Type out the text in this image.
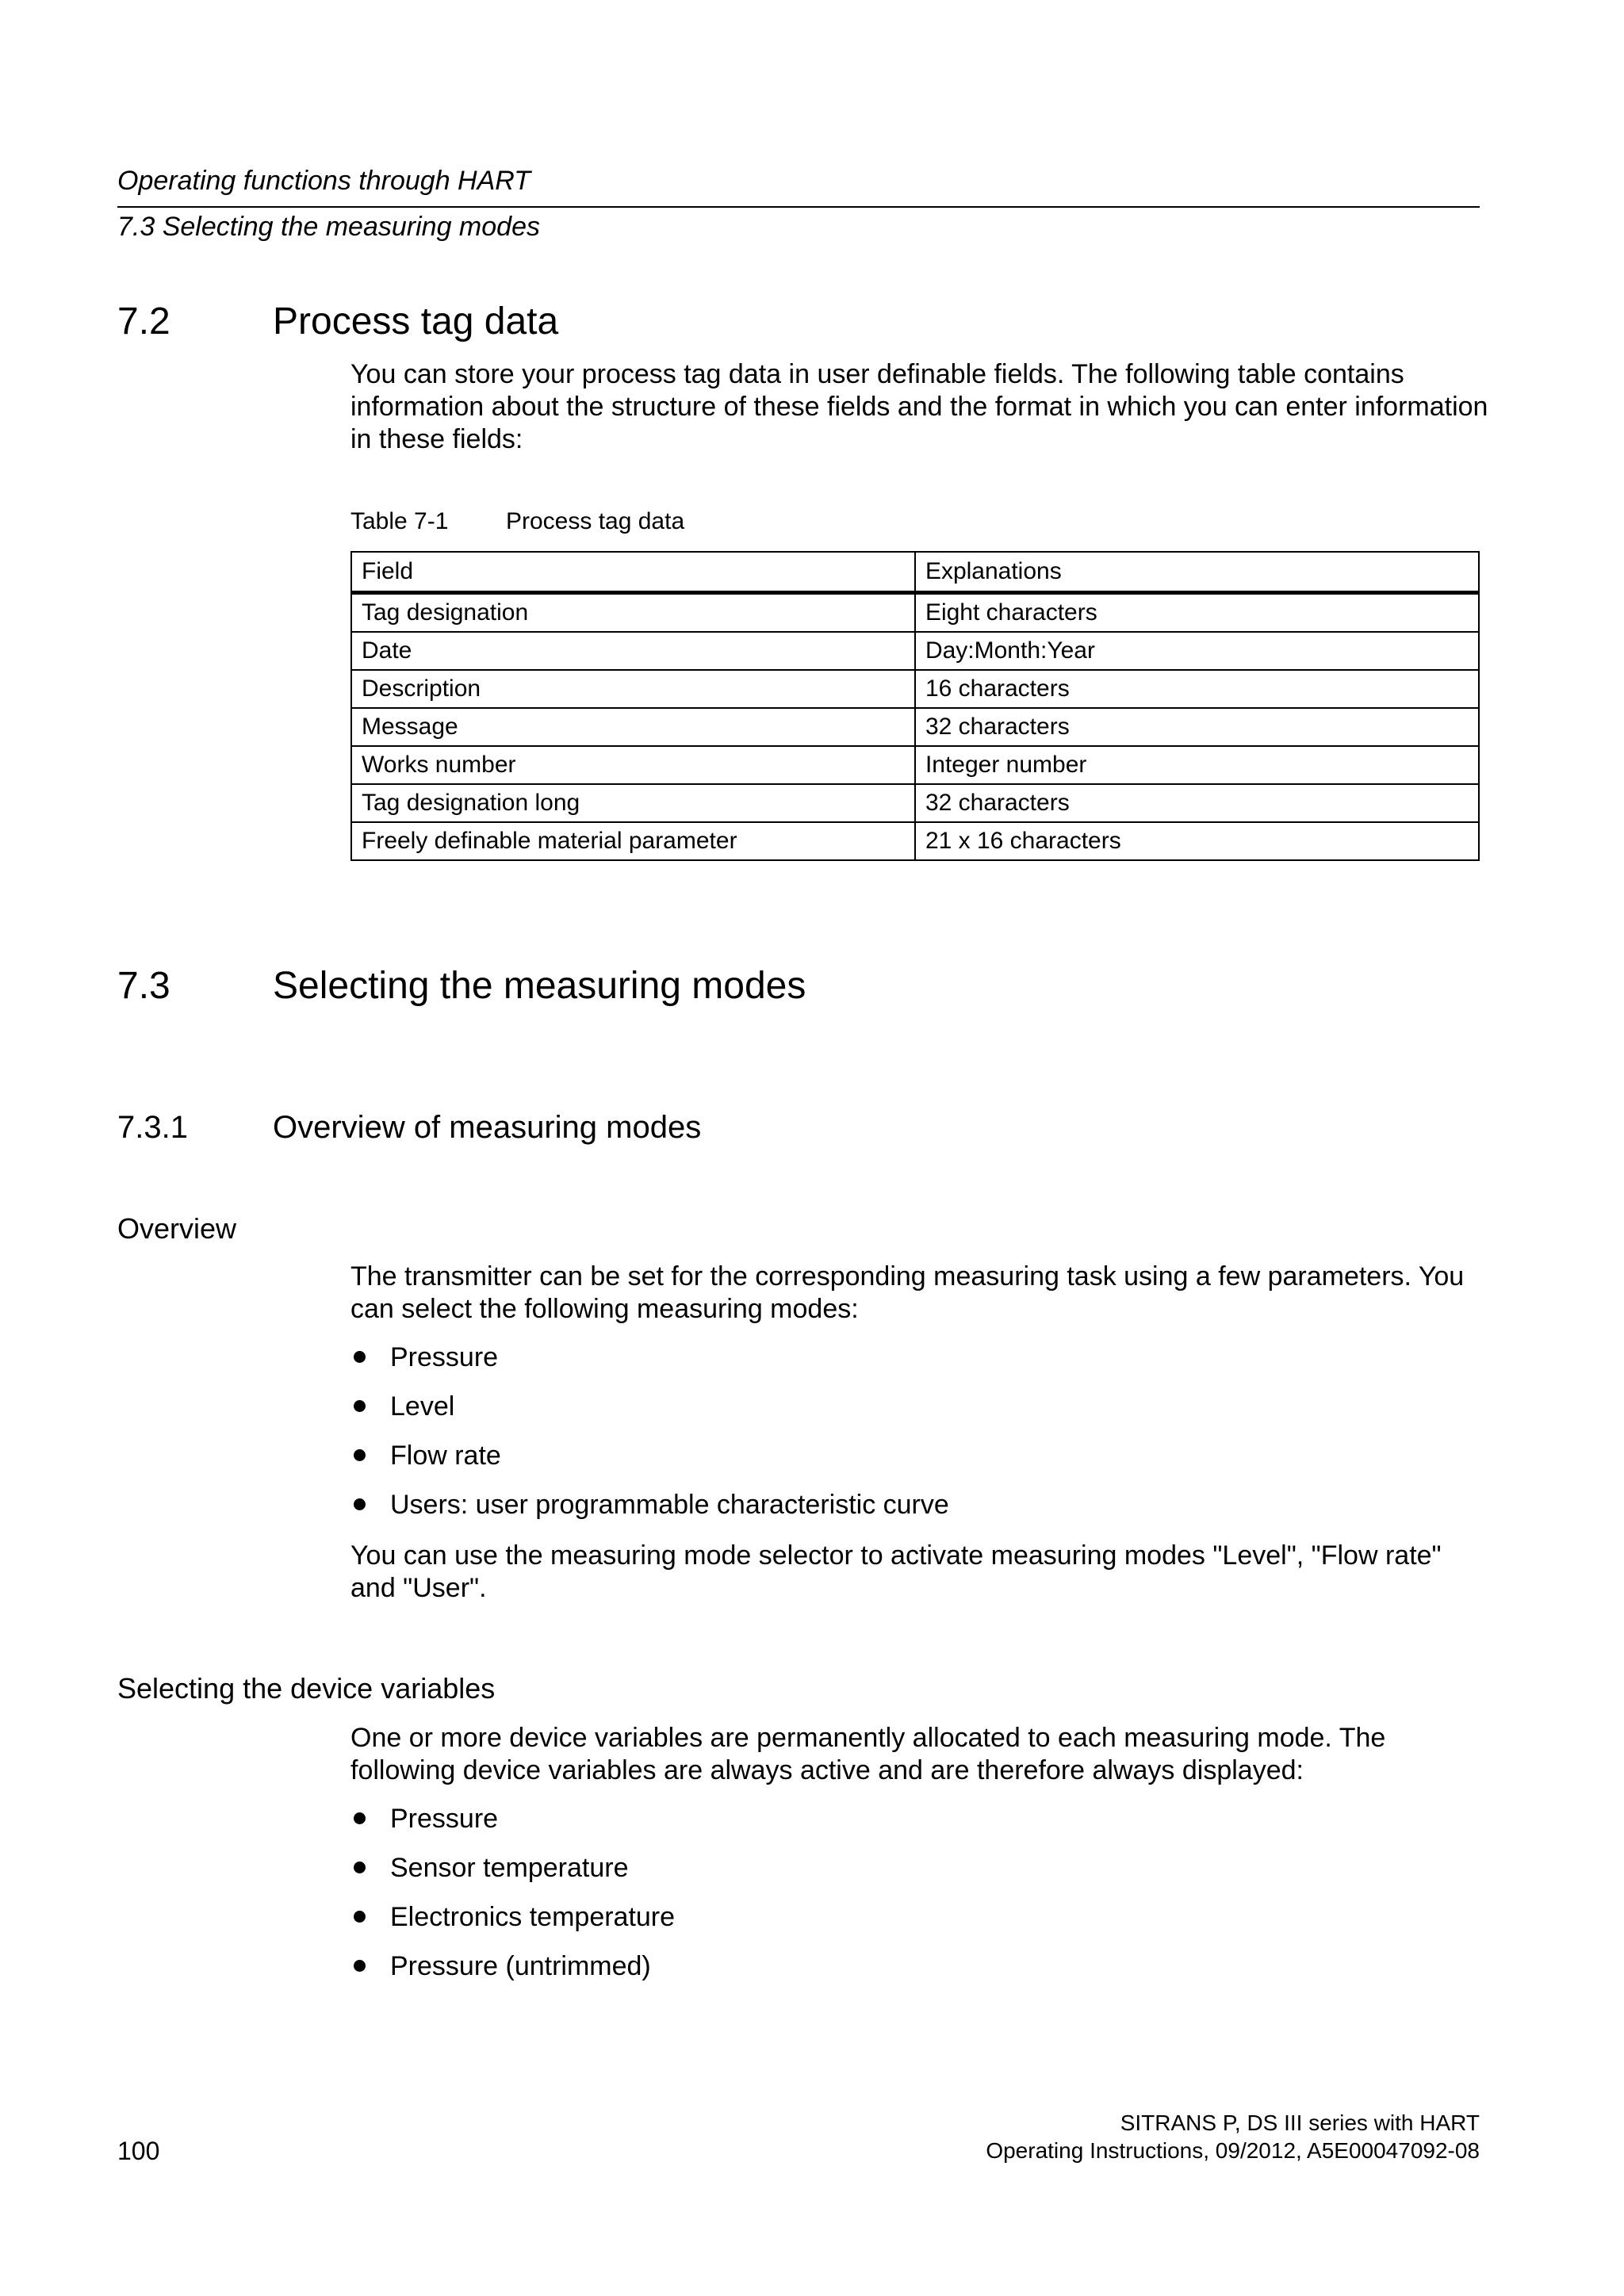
Operating functions through HART
7.3 Selecting the measuring modes
7.2	Process tag data
You can store your process tag data in user definable fields. The following table contains information about the structure of these fields and the format in which you can enter information in these fields:
Table 7-1 Process tag data
Field	Explanations
Tag designation	Eight characters
Date	Day:Month:Year
Description	16 characters
Message	32 characters
Works number	Integer number
Tag designation long	32 characters
Freely definable material parameter	21 x 16 characters
7.3	Selecting the measuring modes
7.3.1	Overview of measuring modes
Overview
The transmitter can be set for the corresponding measuring task using a few parameters. You can select the following measuring modes:
Pressure
Level
Flow rate
Users: user programmable characteristic curve
You can use the measuring mode selector to activate measuring modes "Level", "Flow rate" and "User".
Selecting the device variables
One or more device variables are permanently allocated to each measuring mode. The following device variables are always active and are therefore always displayed:
Pressure
Sensor temperature
Electronics temperature
Pressure (untrimmed)
100
SITRANS P, DS III series with HART
Operating Instructions, 09/2012, A5E00047092-08
